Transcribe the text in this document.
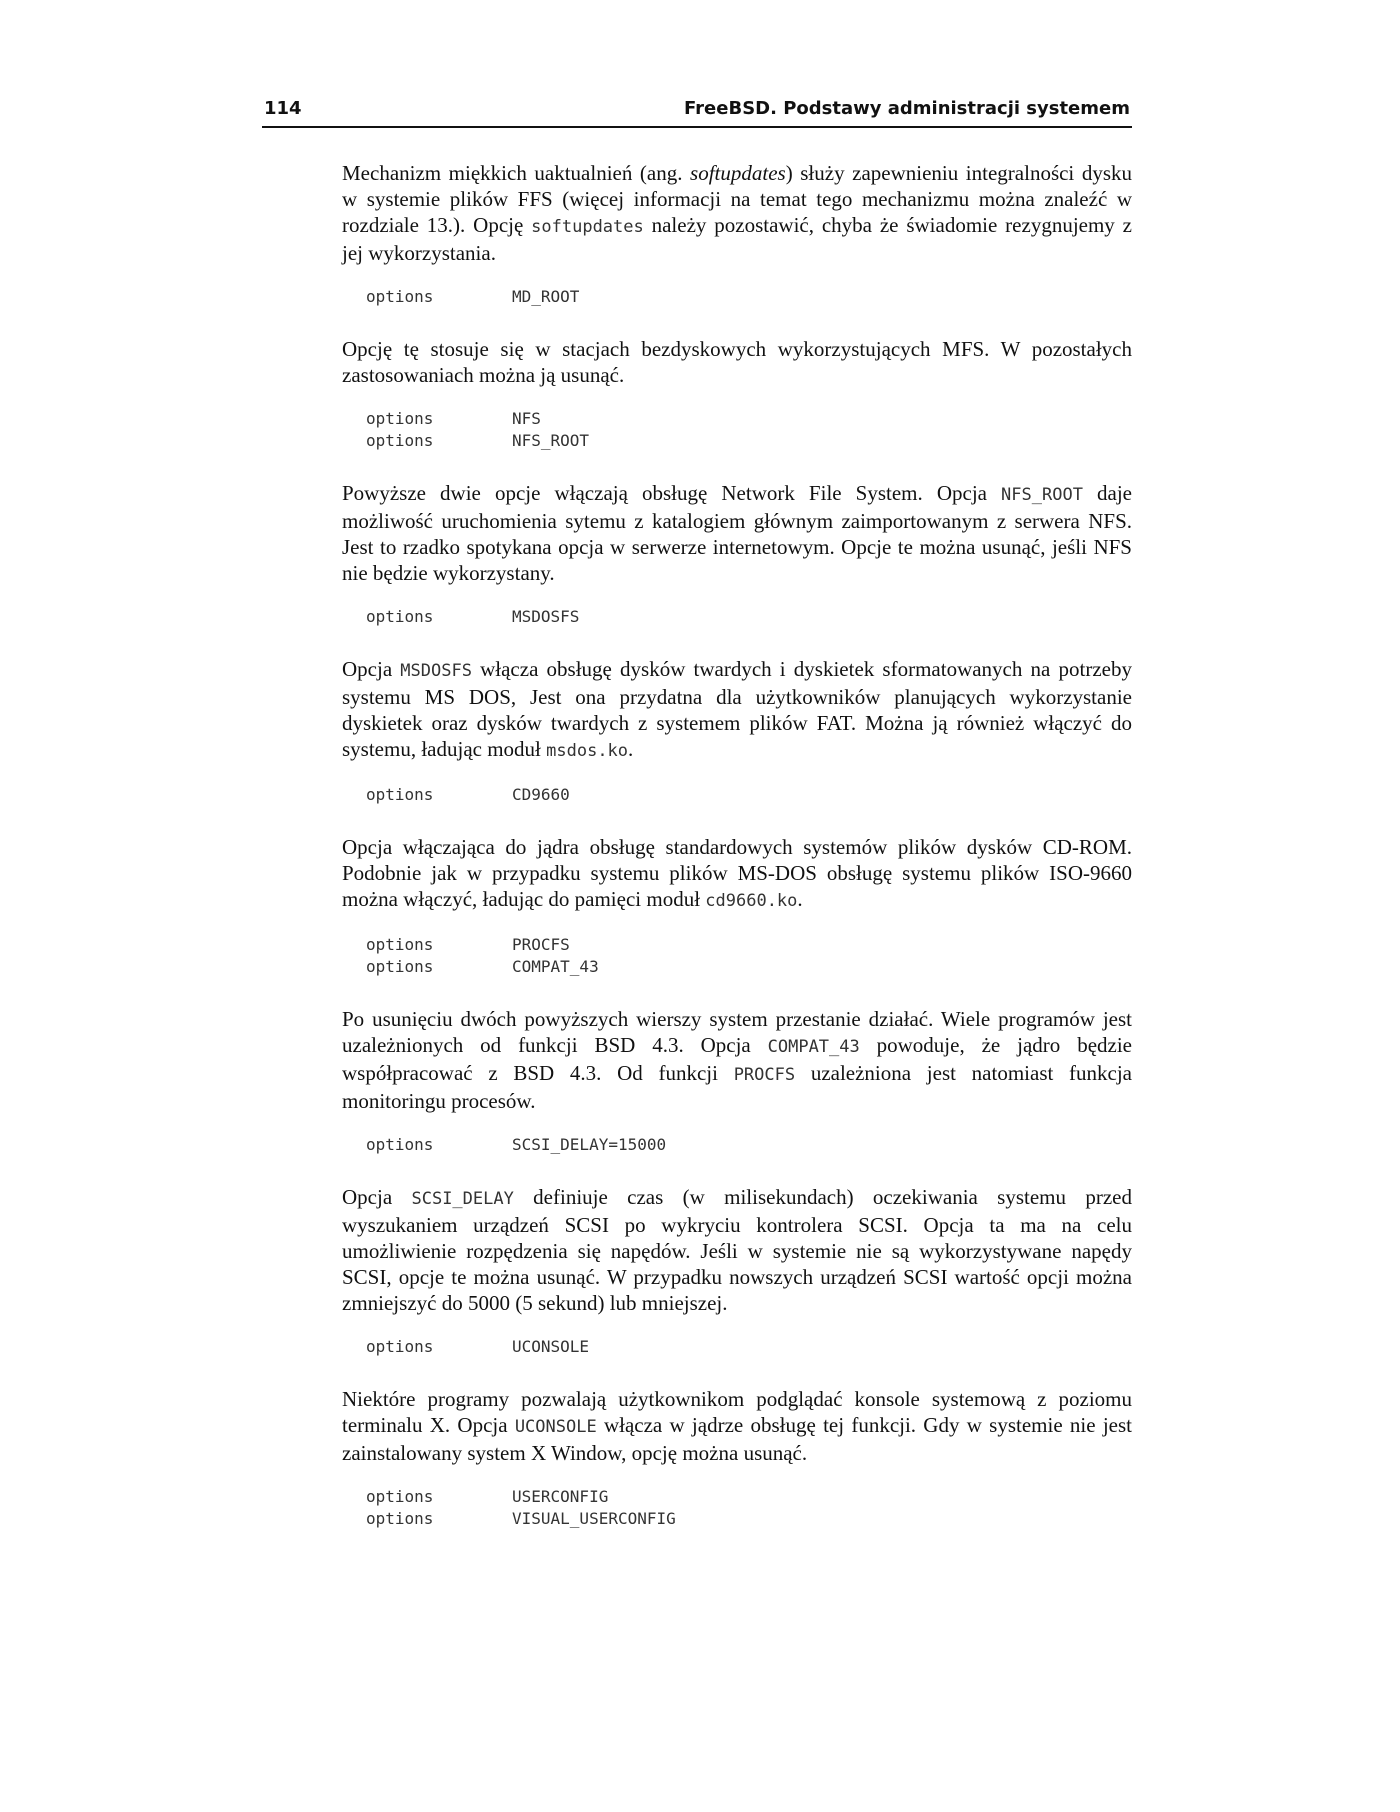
114	FreeBSD. Podstawy administracji systemem

Mechanizm miękkich uaktualnień (ang. softupdates) służy zapewnieniu integralności dysku w systemie plików FFS (więcej informacji na temat tego mechanizmu można znaleźć w rozdziale 13.). Opcję softupdates należy pozostawić, chyba że świadomie rezygnujemy z jej wykorzystania.

options	MD_ROOT

Opcję tę stosuje się w stacjach bezdyskowych wykorzystujących MFS. W pozostałych zastosowaniach można ją usunąć.

options	NFS
options	NFS_ROOT

Powyższe dwie opcje włączają obsługę Network File System. Opcja NFS_ROOT daje możliwość uruchomienia sytemu z katalogiem głównym zaimportowanym z serwera NFS. Jest to rzadko spotykana opcja w serwerze internetowym. Opcje te można usunąć, jeśli NFS nie będzie wykorzystany.

options	MSDOSFS

Opcja MSDOSFS włącza obsługę dysków twardych i dyskietek sformatowanych na potrzeby systemu MS DOS, Jest ona przydatna dla użytkowników planujących wykorzystanie dyskietek oraz dysków twardych z systemem plików FAT. Można ją również włączyć do systemu, ładując moduł msdos.ko.

options	CD9660

Opcja włączająca do jądra obsługę standardowych systemów plików dysków CD-ROM. Podobnie jak w przypadku systemu plików MS-DOS obsługę systemu plików ISO-9660 można włączyć, ładując do pamięci moduł cd9660.ko.

options	PROCFS
options	COMPAT_43

Po usunięciu dwóch powyższych wierszy system przestanie działać. Wiele programów jest uzależnionych od funkcji BSD 4.3. Opcja COMPAT_43 powoduje, że jądro będzie współpracować z BSD 4.3. Od funkcji PROCFS uzależniona jest natomiast funkcja monitoringu procesów.

options	SCSI_DELAY=15000

Opcja SCSI_DELAY definiuje czas (w milisekundach) oczekiwania systemu przed wyszukaniem urządzeń SCSI po wykryciu kontrolera SCSI. Opcja ta ma na celu umożliwienie rozpędzenia się napędów. Jeśli w systemie nie są wykorzystywane napędy SCSI, opcje te można usunąć. W przypadku nowszych urządzeń SCSI wartość opcji można zmniejszyć do 5000 (5 sekund) lub mniejszej.

options	UCONSOLE

Niektóre programy pozwalają użytkownikom podglądać konsole systemową z poziomu terminalu X. Opcja UCONSOLE włącza w jądrze obsługę tej funkcji. Gdy w systemie nie jest zainstalowany system X Window, opcję można usunąć.

options	USERCONFIG
options	VISUAL_USERCONFIG
